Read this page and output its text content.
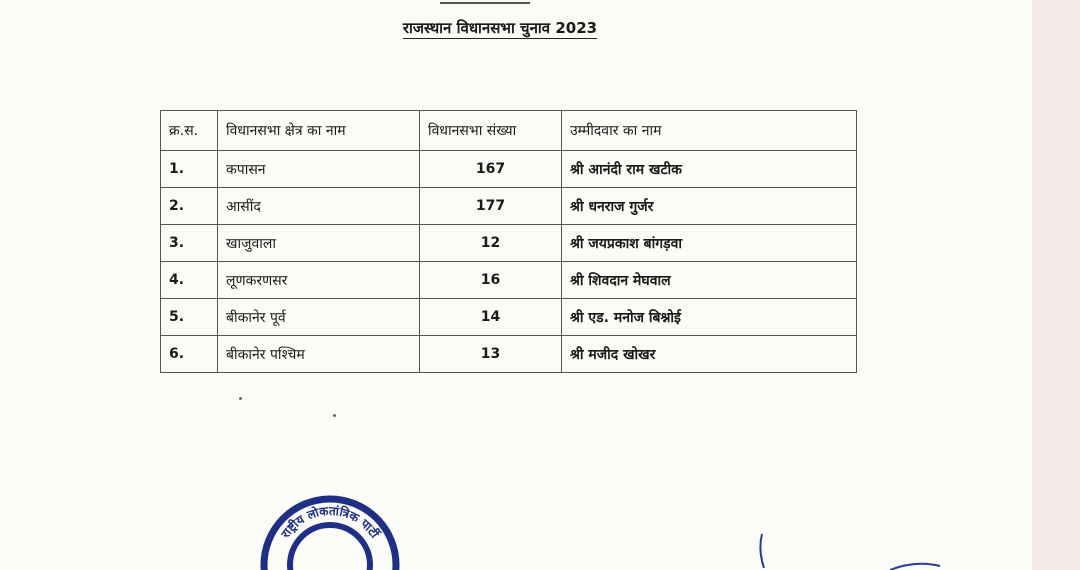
राजस्थान विधानसभा चुनाव 2023
क्र.स.	विधानसभा क्षेत्र का नाम	विधानसभा संख्या	उम्मीदवार का नाम
1.	कपासन	167	श्री आनंदी राम खटीक
2.	आसींद	177	श्री धनराज गुर्जर
3.	खाजुवाला	12	श्री जयप्रकाश बांगड़वा
4.	लूणकरणसर	16	श्री शिवदान मेघवाल
5.	बीकानेर पूर्व	14	श्री एड. मनोज बिश्नोई
6.	बीकानेर पश्चिम	13	श्री मजीद खोखर
राष्ट्रीय लोकतांत्रिक पार्टी
